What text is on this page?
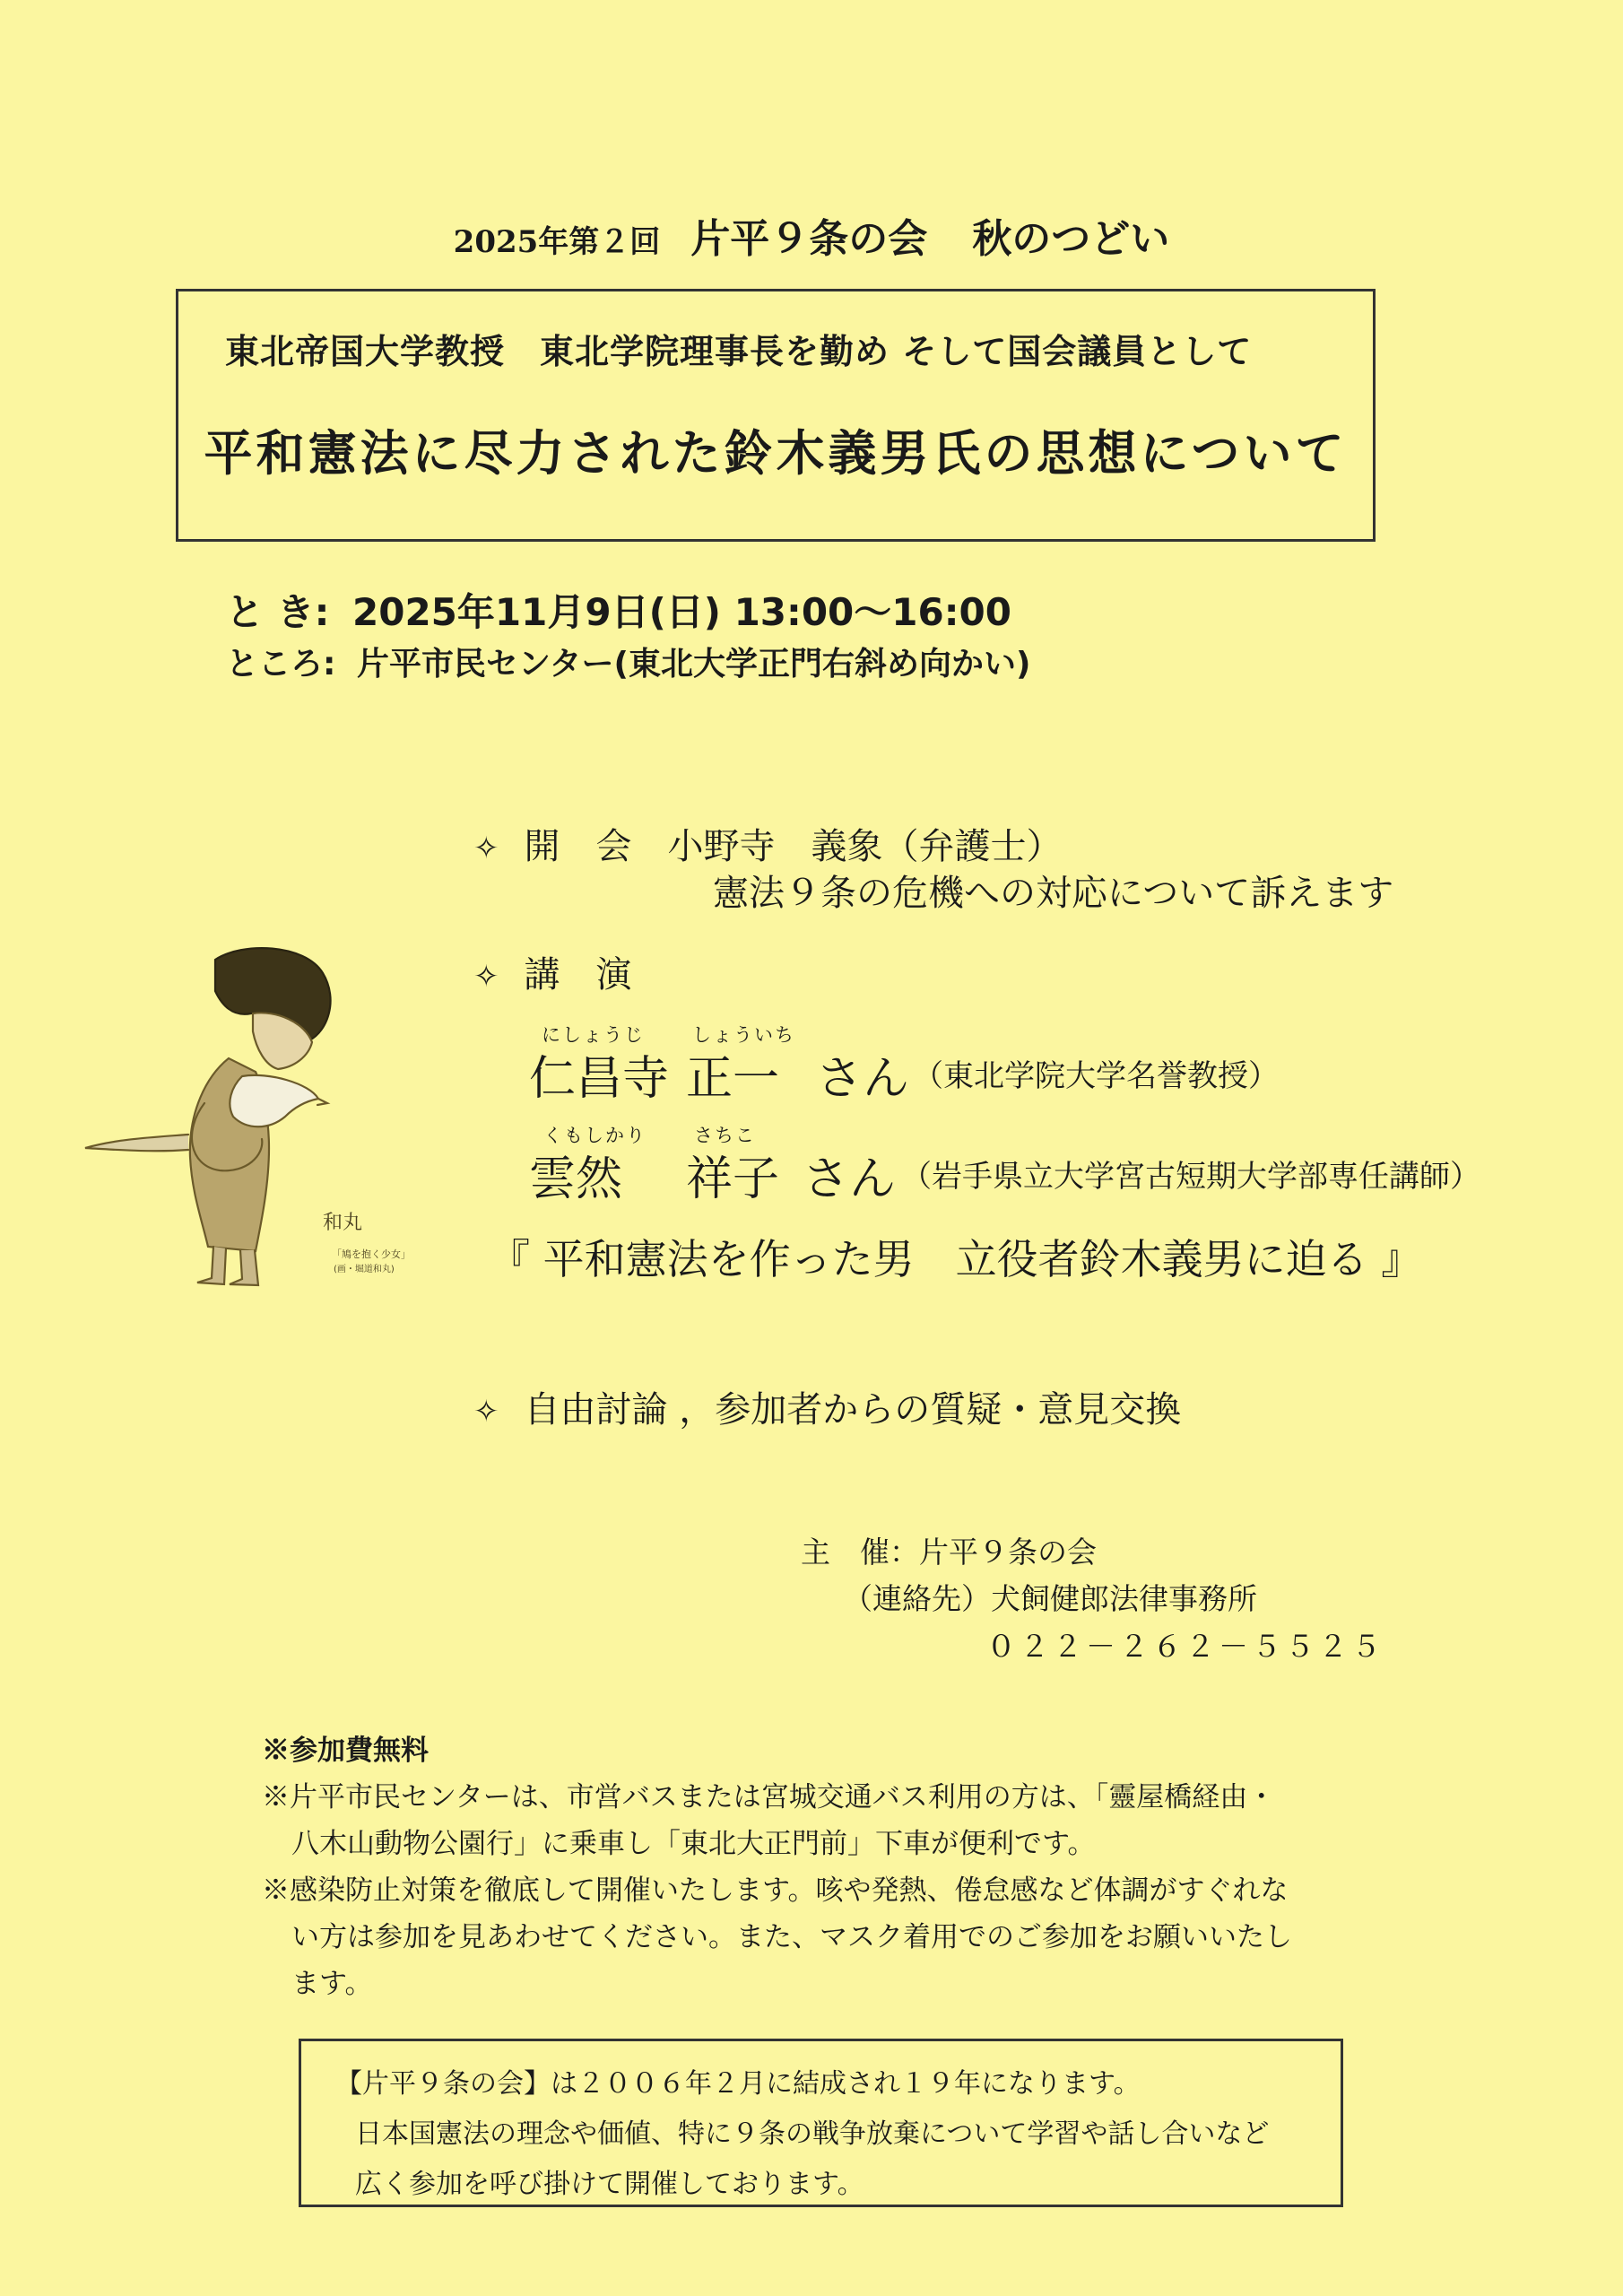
2025年第２回 片平９条の会 秋のつどい
東北帝国大学教授　東北学院理事長を勤め そして国会議員として
平和憲法に尽力された鈴木義男氏の思想について
と き: 2025年11月9日(日) 13:00〜16:00
ところ: 片平市民センター(東北大学正門右斜め向かい)
和丸
「鳩を抱く少女」
(画・堀道和丸)
✧ 開　会 小野寺　義象（弁護士）
憲法９条の危機への対応について訴えます
✧ 講　演
にしょうじ	しょういち
仁昌寺 正一 さん （東北学院大学名誉教授）
くもしかり	さちこ
雲然 祥子 さん （岩手県立大学宮古短期大学部専任講師）
『 平和憲法を作った男　立役者鈴木義男に迫る 』
✧ 自由討論 ，参加者からの質疑・意見交換
主　催：片平９条の会
（連絡先）犬飼健郎法律事務所
０２２－２６２－５５２５
※参加費無料
※片平市民センターは、市営バスまたは宮城交通バス利用の方は、「靈屋橋経由・
八木山動物公園行」に乗車し「東北大正門前」下車が便利です。
※感染防止対策を徹底して開催いたします。咳や発熱、倦怠感など体調がすぐれな
い方は参加を見あわせてください。また、マスク着用でのご参加をお願いいたし
ます。
【片平９条の会】は２００６年２月に結成され１９年になります。
日本国憲法の理念や価値、特に９条の戦争放棄について学習や話し合いなど
広く参加を呼び掛けて開催しております。
